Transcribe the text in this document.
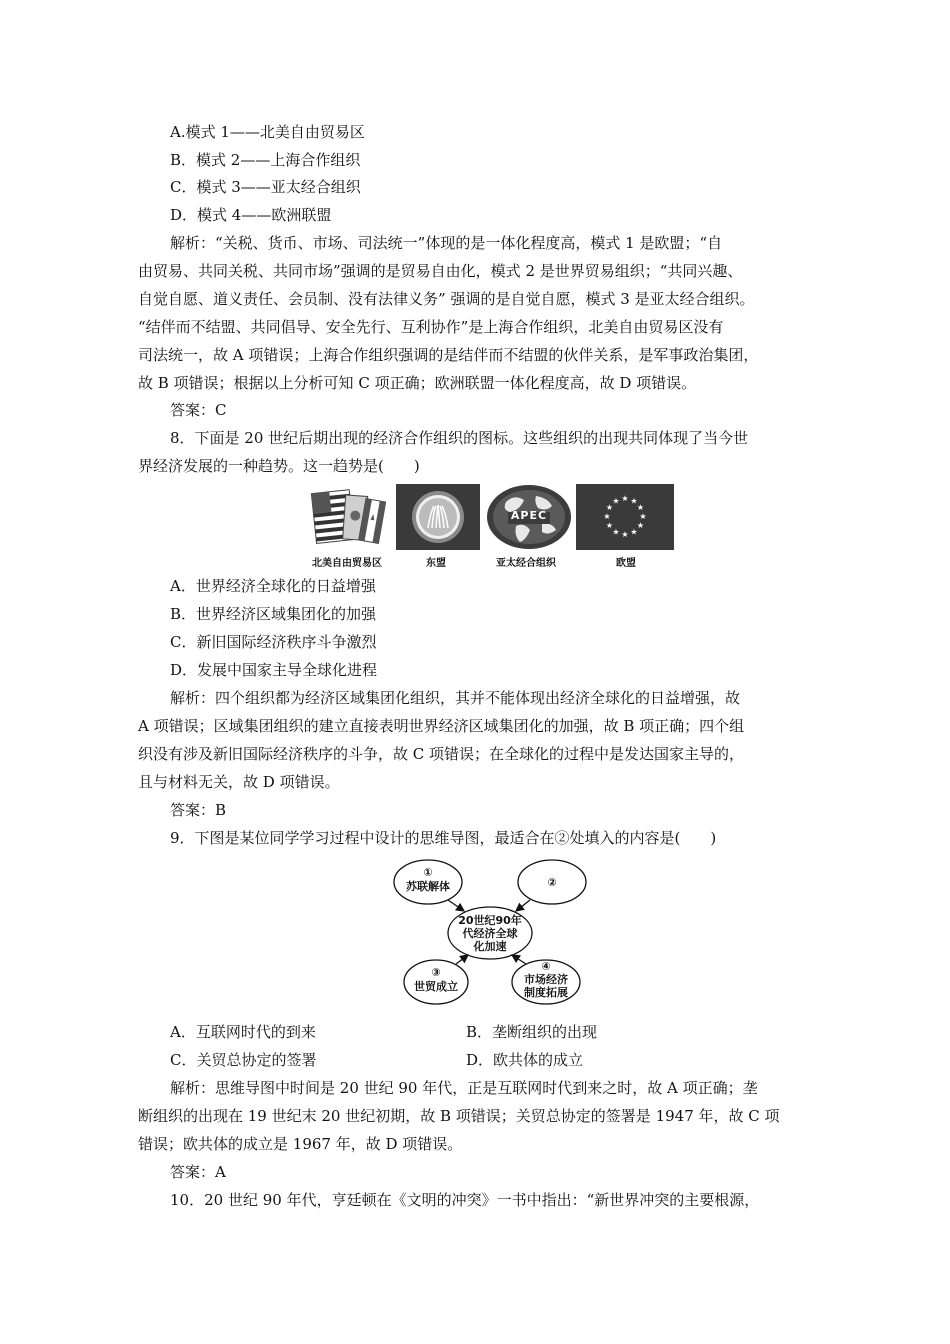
A.模式 1——北美自由贸易区
B．模式 2——上海合作组织
C．模式 3——亚太经合组织
D．模式 4——欧洲联盟
解析：“关税、货币、市场、司法统一”体现的是一体化程度高，模式 1 是欧盟；“自
由贸易、共同关税、共同市场”强调的是贸易自由化，模式 2 是世界贸易组织；“共同兴趣、
自觉自愿、道义责任、会员制、没有法律义务” 强调的是自觉自愿，模式 3 是亚太经合组织。
“结伴而不结盟、共同倡导、安全先行、互利协作”是上海合作组织，北美自由贸易区没有
司法统一，故 A 项错误；上海合作组织强调的是结伴而不结盟的伙伴关系，是军事政治集团，
故 B 项错误；根据以上分析可知 C 项正确；欧洲联盟一体化程度高，故 D 项错误。
答案：C
8．下面是 20 世纪后期出现的经济合作组织的图标。这些组织的出现共同体现了当今世
界经济发展的一种趋势。这一趋势是(　　)
北美自由贸易区	东盟
APEC
亚太经合组织
★ ★
★
★
★
★
★
★
★
★
★
★
欧盟
A．世界经济全球化的日益增强
B．世界经济区域集团化的加强
C．新旧国际经济秩序斗争激烈
D．发展中国家主导全球化进程
解析：四个组织都为经济区域集团化组织，其并不能体现出经济全球化的日益增强，故
A 项错误；区域集团组织的建立直接表明世界经济区域集团化的加强，故 B 项正确；四个组
织没有涉及新旧国际经济秩序的斗争，故 C 项错误；在全球化的过程中是发达国家主导的，
且与材料无关，故 D 项错误。
答案：B
9．下图是某位同学学习过程中设计的思维导图，最适合在②处填入的内容是(　　)
①
苏联解体	②
20世纪90年
代经济全球
化加速
③
世贸成立
④
市场经济
制度拓展
A．互联网时代的到来	B．垄断组织的出现
C．关贸总协定的签署	D．欧共体的成立
解析：思维导图中时间是 20 世纪 90 年代，正是互联网时代到来之时，故 A 项正确；垄
断组织的出现在 19 世纪末 20 世纪初期，故 B 项错误；关贸总协定的签署是 1947 年，故 C 项
错误；欧共体的成立是 1967 年，故 D 项错误。
答案：A
10．20 世纪 90 年代，亨廷顿在《文明的冲突》一书中指出：“新世界冲突的主要根源，
